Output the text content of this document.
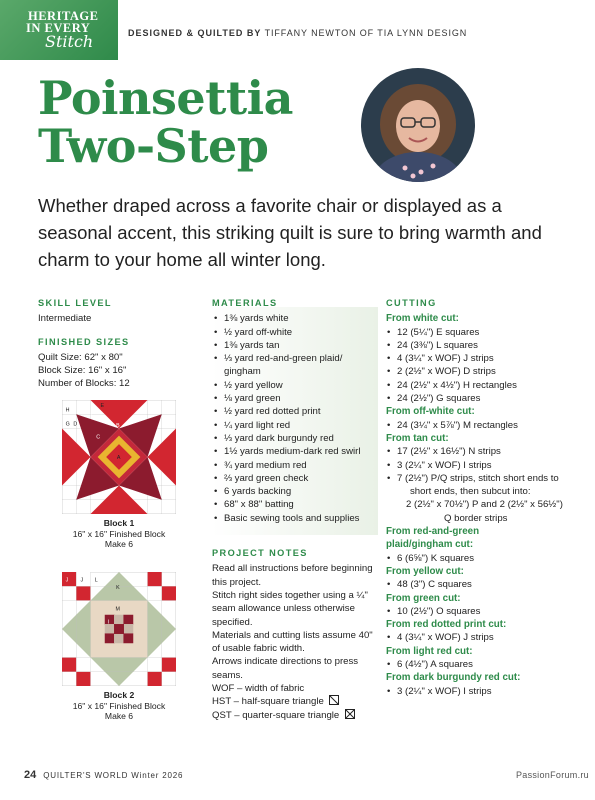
HERITAGE
IN EVERY
Stitch	DESIGNED & QUILTED BY TIFFANY NEWTON OF TIA LYNN DESIGN
Poinsettia
Two-Step
Whether draped across a favorite chair or displayed as a seasonal accent, this striking quilt is sure to bring warmth and charm to your home all winter long.
SKILL LEVEL
Intermediate
FINISHED SIZES
Quilt Size: 62" x 80"
Block Size: 16" x 16"
Number of Blocks: 12
Block 1
16" x 16" Finished Block
Make 6
Block 2
16" x 16" Finished Block
Make 6
MATERIALS
• 1⅜ yards white
• ½ yard off-white
• 1⅜ yards tan
• ⅓ yard red-and-green plaid/ gingham
• ½ yard yellow
• ⅛ yard green
• ½ yard red dotted print
• ¼ yard light red
• ⅓ yard dark burgundy red
• 1½ yards medium-dark red swirl
• ¾ yard medium red
• ⅔ yard green check
• 6 yards backing
• 68" x 88" batting
• Basic sewing tools and supplies
PROJECT NOTES
Read all instructions before beginning this project.
Stitch right sides together using a ¼" seam allowance unless otherwise specified.
Materials and cutting lists assume 40" of usable fabric width.
Arrows indicate directions to press seams.
WOF – width of fabric
HST – half-square triangle
QST – quarter-square triangle
CUTTING
From white cut:
• 12 (5¼") E squares
• 24 (3⅜") L squares
• 4 (3¼" x WOF) J strips
• 2 (2½" x WOF) D strips
• 24 (2½" x 4½") H rectangles
• 24 (2½") G squares
From off-white cut:
• 24 (3¼" x 5⅞") M rectangles
From tan cut:
• 17 (2½" x 16½") N strips
• 3 (2¼" x WOF) I strips
• 7 (2½") P/Q strips, stitch short ends to
short ends, then subcut into:
2 (2½" x 70½") P and 2 (2½" x 56½")
Q border strips
From red-and-green plaid/gingham cut:
• 6 (6⅝") K squares
From yellow cut:
• 48 (3") C squares
From green cut:
• 10 (2½") O squares
From red dotted print cut:
• 4 (3¼" x WOF) J strips
From light red cut:
• 6 (4½") A squares
From dark burgundy red cut:
• 3 (2¼" x WOF) I strips
24 QUILTER'S WORLD Winter 2026	PassionForum.ru
